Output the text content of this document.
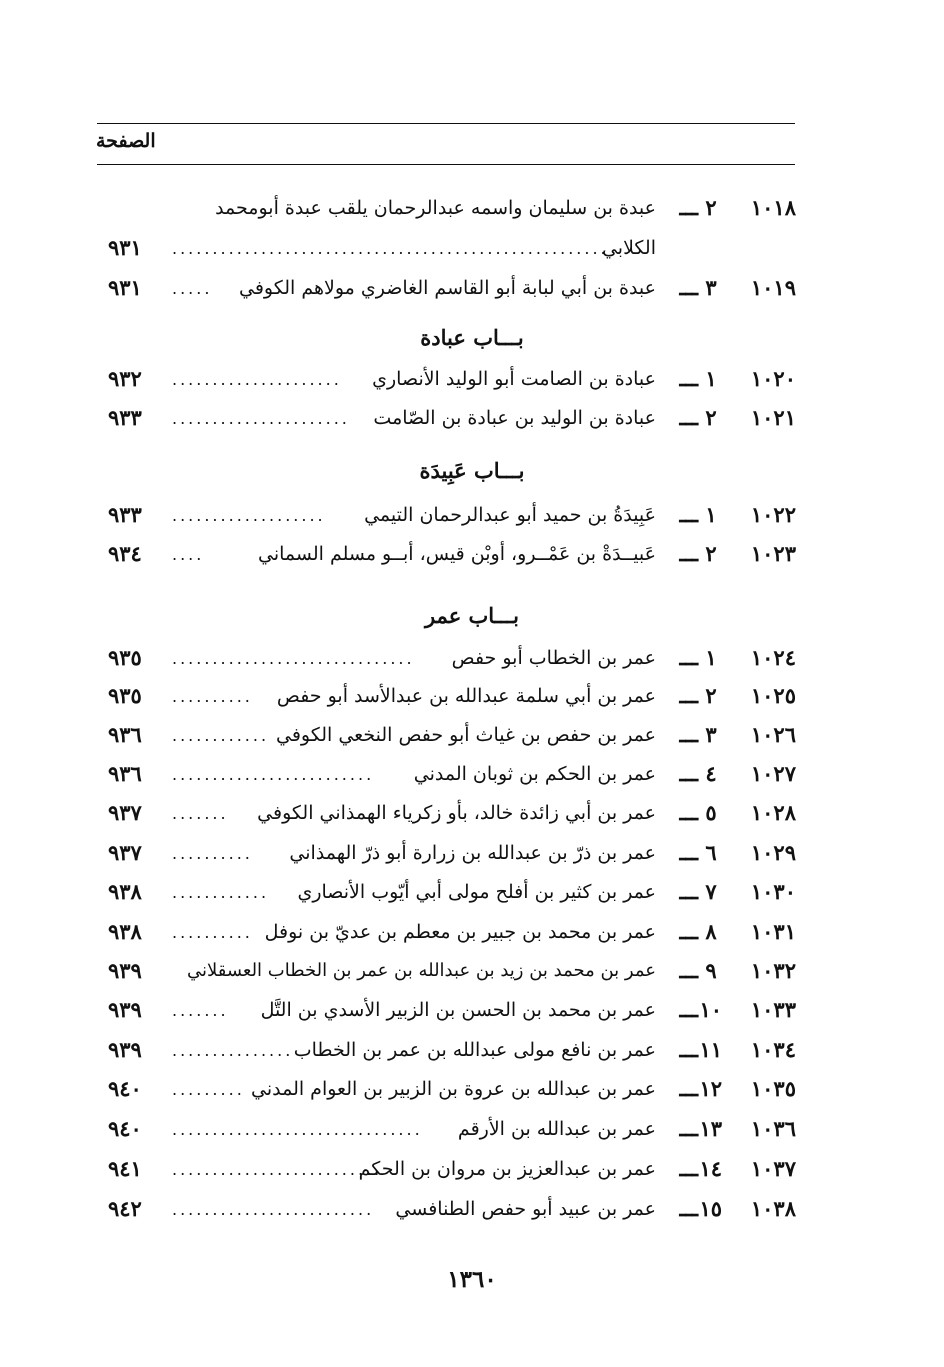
الصفحة
١٠١٨
٢
ـــ
عبدة بن سليمان واسمه عبدالرحمان يلقب عبدة أبومحمد
الكلابي
......................................................
٩٣١
١٠١٩
٣
ـــ
عبدة بن أبي لبابة أبو القاسم الغاضري مولاهم الكوفي
.....
٩٣١
بـــاب عبادة
١٠٢٠
١
ـــ
عبادة بن الصامت أبو الوليد الأنصاري
.....................
٩٣٢
١٠٢١
٢
ـــ
عبادة بن الوليد بن عبادة بن الصّامت
......................
٩٣٣
بـــاب عَبِيدَة
١٠٢٢
١
ـــ
عَبِيدَةُ بن حميد أبو عبدالرحمان التيمي
...................
٩٣٣
١٠٢٣
٢
ـــ
عَبيــدَةْ بن عَمْــرو، أوبْن قيس، أبــو مسلم السماني
....
٩٣٤
بـــاب عمر
١٠٢٤
١
ـــ
عمر بن الخطاب أبو حفص
..............................
٩٣٥
١٠٢٥
٢
ـــ
عمر بن أبي سلمة عبدالله بن عبدالأسد أبو حفص
..........
٩٣٥
١٠٢٦
٣
ـــ
عمر بن حفص بن غياث أبو حفص النخعي الكوفي
............
٩٣٦
١٠٢٧
٤
ـــ
عمر بن الحكم بن ثوبان المدني
.........................
٩٣٦
١٠٢٨
٥
ـــ
عمر بن أبي زائدة خالد، بأو زكرياء الهمذاني الكوفي
.......
٩٣٧
١٠٢٩
٦
ـــ
عمر بن ذرّ بن عبدالله بن زرارة أبو ذرّ الهمذاني
..........
٩٣٧
١٠٣٠
٧
ـــ
عمر بن كثير بن أفلح مولى أبي أيّوب الأنصاري
............
٩٣٨
١٠٣١
٨
ـــ
عمر بن محمد بن جبير بن معطم بن عديّ بن نوفل
..........
٩٣٨
١٠٣٢
٩
ـــ
عمر بن محمد بن زيد بن عبدالله بن عمر بن الخطاب العسقلاني
٩٣٩
١٠٣٣
١٠
ـــ
عمر بن محمد بن الحسن بن الزبير الأسدي بن التَّل
.......
٩٣٩
١٠٣٤
١١
ـــ
عمر بن نافع مولى عبدالله بن عمر بن الخطاب
...............
٩٣٩
١٠٣٥
١٢
ـــ
عمر بن عبدالله بن عروة بن الزبير بن العوام المدني
.........
٩٤٠
١٠٣٦
١٣
ـــ
عمر بن عبدالله بن الأرقم
...............................
٩٤٠
١٠٣٧
١٤
ـــ
عمر بن عبدالعزيز بن مروان بن الحكم
..........................
٩٤١
١٠٣٨
١٥
ـــ
عمر بن عبيد أبو حفص الطنافسي
.........................
٩٤٢
١٣٦٠
